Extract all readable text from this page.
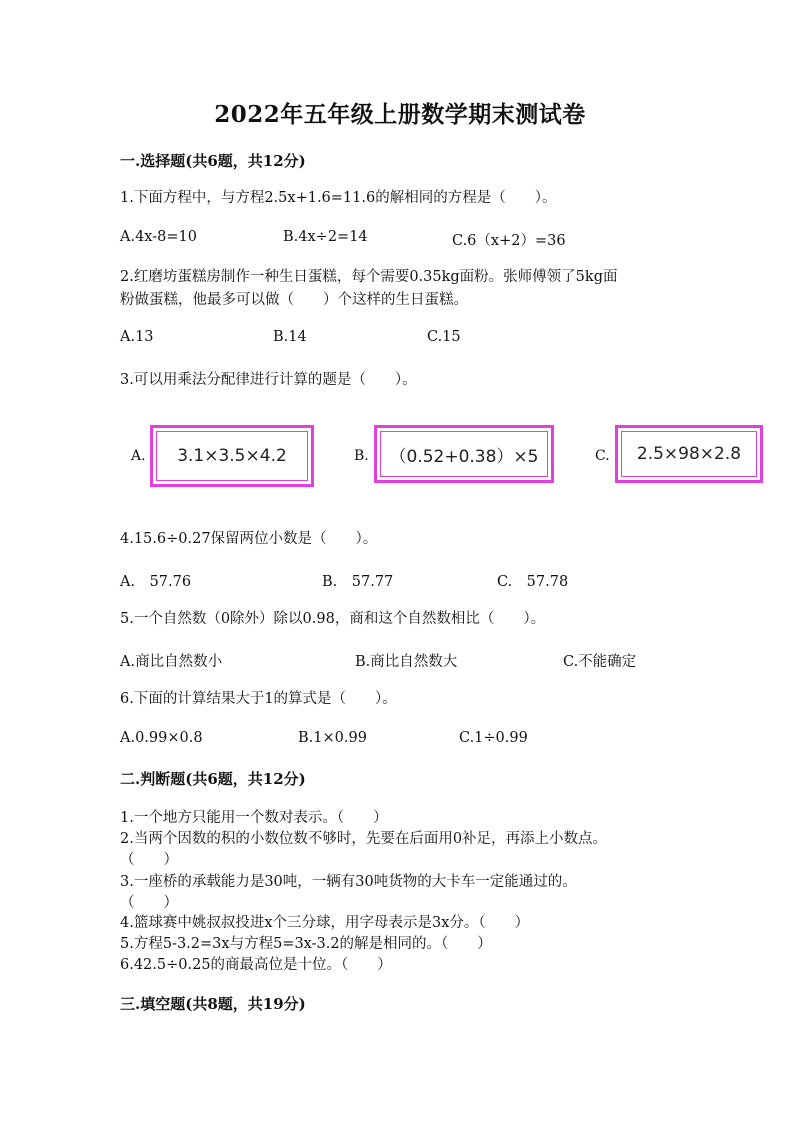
2022年五年级上册数学期末测试卷
一.选择题(共6题，共12分)
1.下面方程中，与方程2.5x+1.6=11.6的解相同的方程是（　　）。
A.4x-8=10	B.4x÷2=14	C.6（x+2）=36
2.红磨坊蛋糕房制作一种生日蛋糕，每个需要0.35kg面粉。张师傅领了5kg面
粉做蛋糕，他最多可以做（　　）个这样的生日蛋糕。
A.13	B.14	C.15
3.可以用乘法分配律进行计算的题是（　　）。
A.	3.1×3.5×4.2	B.	（0.52+0.38）×5	C.	2.5×98×2.8
4.15.6÷0.27保留两位小数是（　　）。
A.　57.76	B.　57.77	C.　57.78
5.一个自然数（0除外）除以0.98，商和这个自然数相比（　　）。
A.商比自然数小	B.商比自然数大	C.不能确定
6.下面的计算结果大于1的算式是（　　）。
A.0.99×0.8	B.1×0.99	C.1÷0.99
二.判断题(共6题，共12分)
1.一个地方只能用一个数对表示。（　　）
2.当两个因数的积的小数位数不够时，先要在后面用0补足，再添上小数点。
（　　）
3.一座桥的承载能力是30吨，一辆有30吨货物的大卡车一定能通过的。
（　　）
4.篮球赛中姚叔叔投进x个三分球，用字母表示是3x分。（　　）
5.方程5-3.2=3x与方程5=3x-3.2的解是相同的。（　　）
6.42.5÷0.25的商最高位是十位。（　　）
三.填空题(共8题，共19分)
